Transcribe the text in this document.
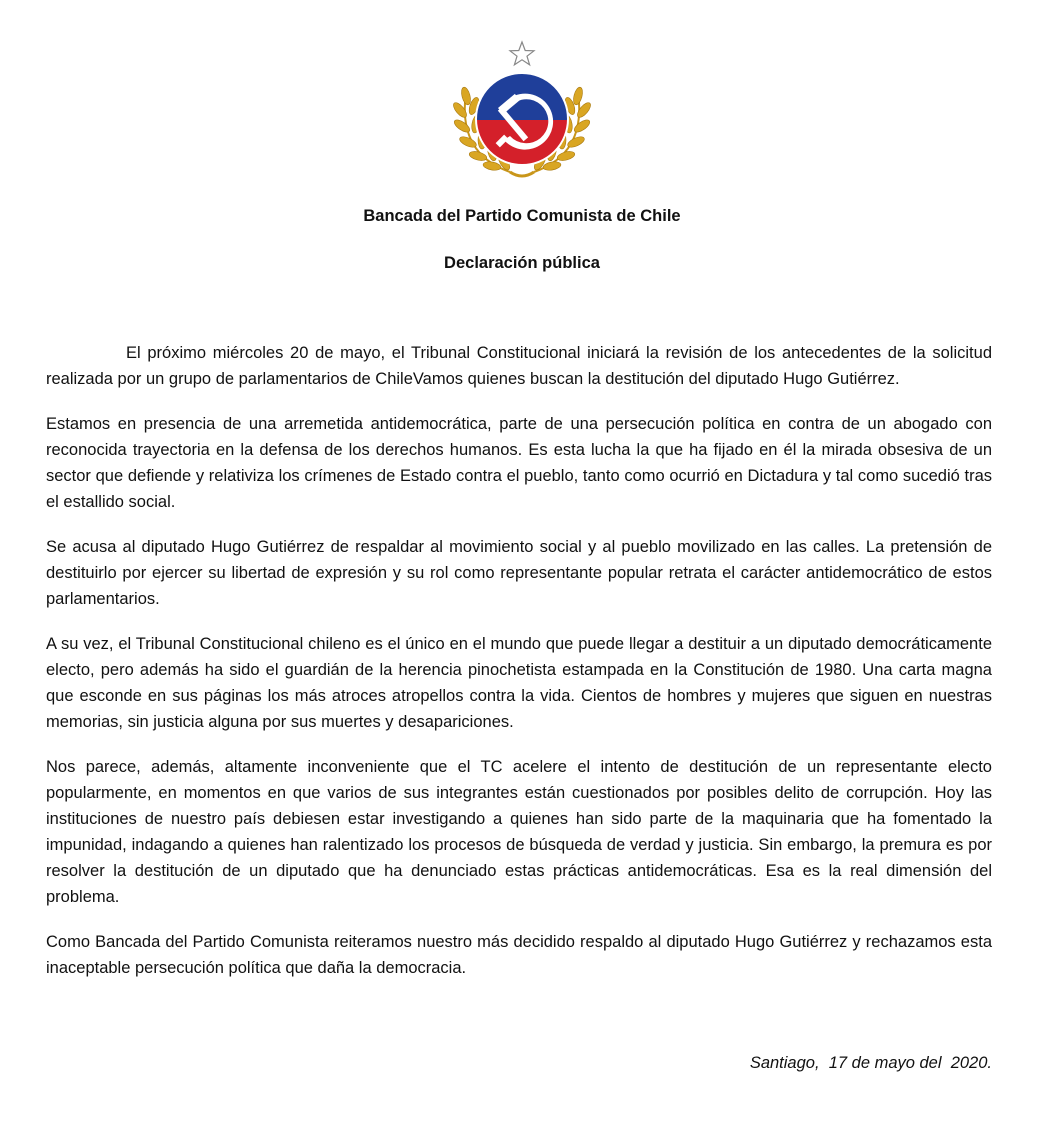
Bancada del Partido Comunista de Chile

Declaración pública

El próximo miércoles 20 de mayo, el Tribunal Constitucional iniciará la revisión de los antecedentes de la solicitud realizada por un grupo de parlamentarios de ChileVamos quienes buscan la destitución del diputado Hugo Gutiérrez.

Estamos en presencia de una arremetida antidemocrática, parte de una persecución política en contra de un abogado con reconocida trayectoria en la defensa de los derechos humanos. Es esta lucha la que ha fijado en él la mirada obsesiva de un sector que defiende y relativiza los crímenes de Estado contra el pueblo, tanto como ocurrió en Dictadura y tal como sucedió tras el estallido social.

Se acusa al diputado Hugo Gutiérrez de respaldar al movimiento social y al pueblo movilizado en las calles. La pretensión de destituirlo por ejercer su libertad de expresión y su rol como representante popular retrata el carácter antidemocrático de estos parlamentarios.

A su vez, el Tribunal Constitucional chileno es el único en el mundo que puede llegar a destituir a un diputado democráticamente electo, pero además ha sido el guardián de la herencia pinochetista estampada en la Constitución de 1980. Una carta magna que esconde en sus páginas los más atroces atropellos contra la vida. Cientos de hombres y mujeres que siguen en nuestras memorias, sin justicia alguna por sus muertes y desapariciones.

Nos parece, además, altamente inconveniente que el TC acelere el intento de destitución de un representante electo popularmente, en momentos en que varios de sus integrantes están cuestionados por posibles delito de corrupción. Hoy las instituciones de nuestro país debiesen estar investigando a quienes han sido parte de la maquinaria que ha fomentado la impunidad, indagando a quienes han ralentizado los procesos de búsqueda de verdad y justicia. Sin embargo, la premura es por resolver la destitución de un diputado que ha denunciado estas prácticas antidemocráticas. Esa es la real dimensión del problema.

Como Bancada del Partido Comunista reiteramos nuestro más decidido respaldo al diputado Hugo Gutiérrez y rechazamos esta inaceptable persecución política que daña la democracia.

Santiago,  17 de mayo del  2020.
